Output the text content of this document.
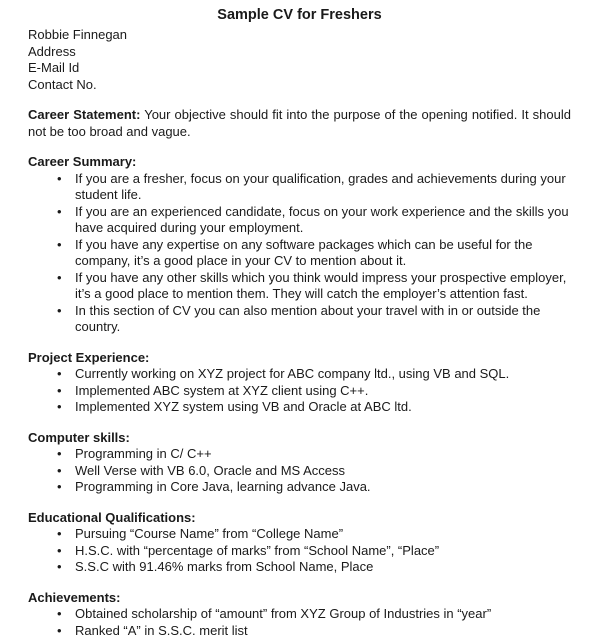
Sample CV for Freshers
Robbie Finnegan
Address
E-Mail Id
Contact No.

Career Statement: Your objective should fit into the purpose of the opening notified. It should not be too broad and vague.

Career Summary:
• If you are a fresher, focus on your qualification, grades and achievements during your student life.
• If you are an experienced candidate, focus on your work experience and the skills you have acquired during your employment.
• If you have any expertise on any software packages which can be useful for the company, it’s a good place in your CV to mention about it.
• If you have any other skills which you think would impress your prospective employer, it’s a good place to mention them. They will catch the employer’s attention fast.
• In this section of CV you can also mention about your travel with in or outside the country.
Project Experience:
• Currently working on XYZ project for ABC company ltd., using VB and SQL.
• Implemented ABC system at XYZ client using C++.
• Implemented XYZ system using VB and Oracle at ABC ltd.
Computer skills:
• Programming in C/ C++
• Well Verse with VB 6.0, Oracle and MS Access
• Programming in Core Java, learning advance Java.
Educational Qualifications:
• Pursuing “Course Name” from “College Name”
• H.S.C. with “percentage of marks” from “School Name”, “Place”
• S.S.C with 91.46% marks from School Name, Place
Achievements:
• Obtained scholarship of “amount” from XYZ Group of Industries in “year”
• Ranked “A” in S.S.C. merit list
